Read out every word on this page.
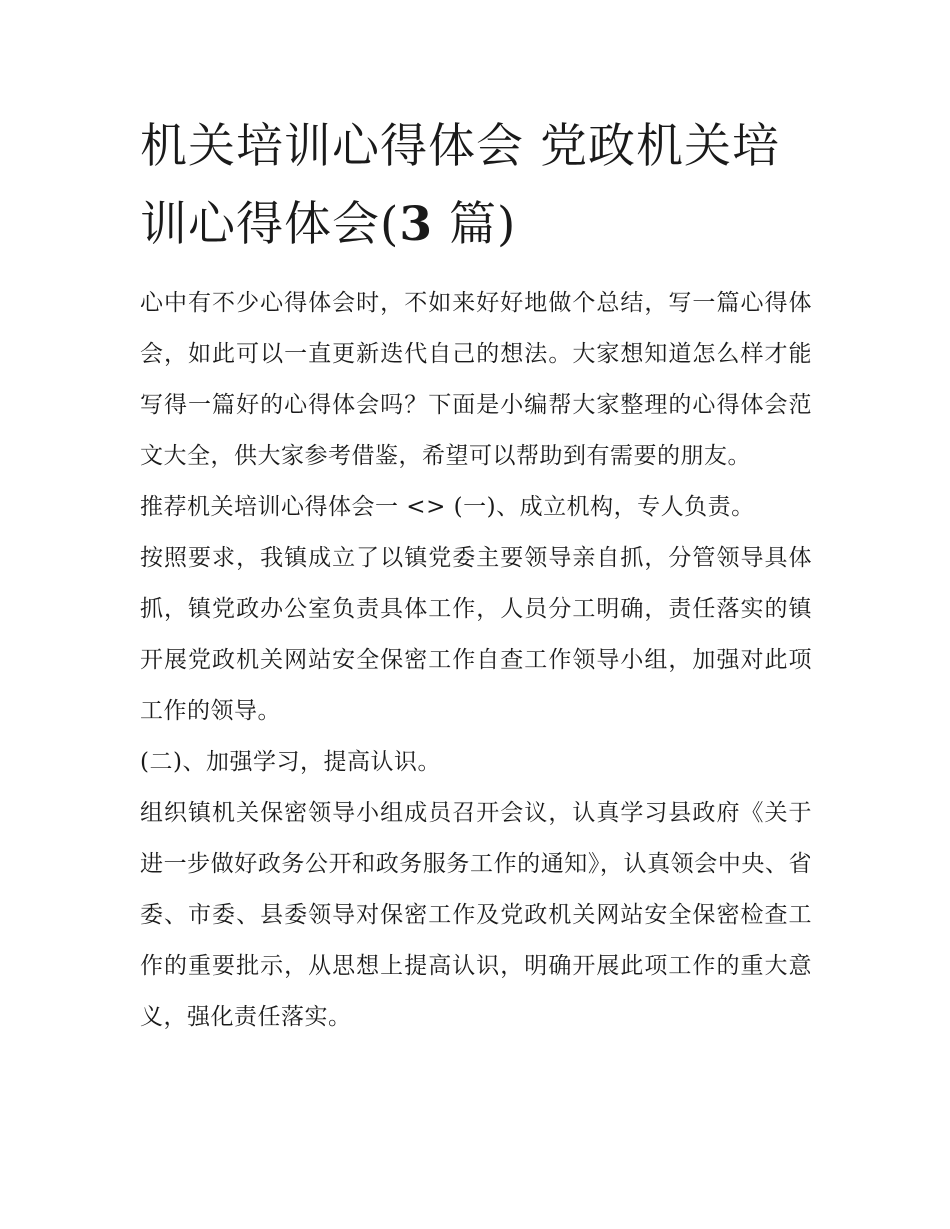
机关培训心得体会 党政机关培训心得体会(3 篇)

心中有不少心得体会时，不如来好好地做个总结，写一篇心得体会，如此可以一直更新迭代自己的想法。大家想知道怎么样才能写得一篇好的心得体会吗？下面是小编帮大家整理的心得体会范文大全，供大家参考借鉴，希望可以帮助到有需要的朋友。

推荐机关培训心得体会一 <> (一)、成立机构，专人负责。

按照要求，我镇成立了以镇党委主要领导亲自抓，分管领导具体抓，镇党政办公室负责具体工作，人员分工明确，责任落实的镇开展党政机关网站安全保密工作自查工作领导小组，加强对此项工作的领导。

(二)、加强学习，提高认识。

组织镇机关保密领导小组成员召开会议，认真学习县政府《关于进一步做好政务公开和政务服务工作的通知》，认真领会中央、省委、市委、县委领导对保密工作及党政机关网站安全保密检查工作的重要批示，从思想上提高认识，明确开展此项工作的重大意义，强化责任落实。
